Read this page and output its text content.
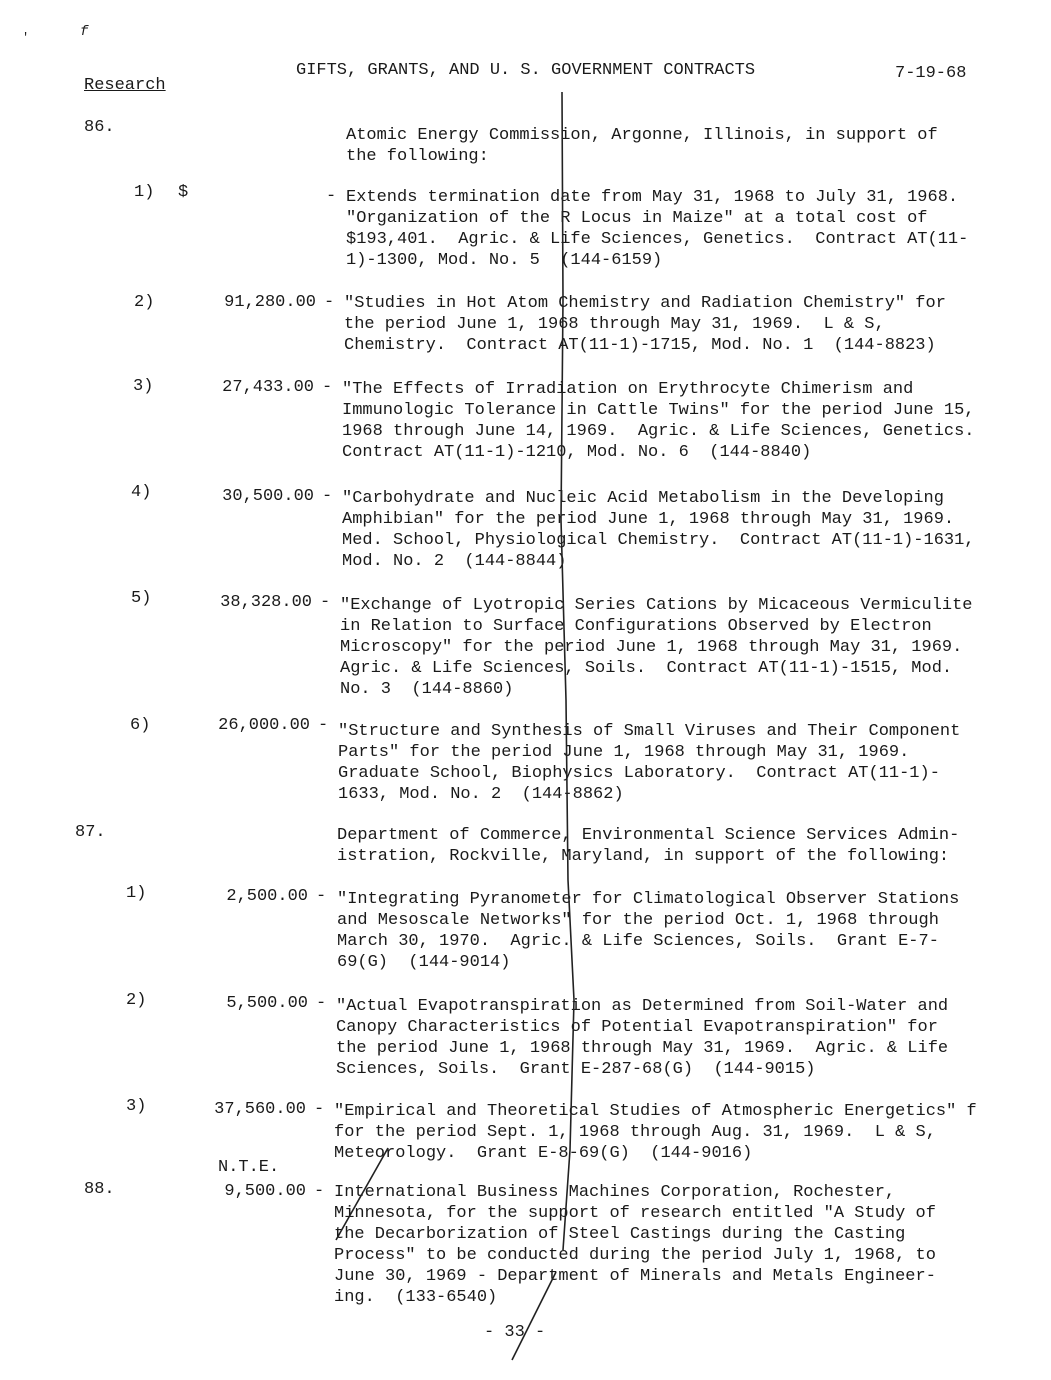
'	f
GIFTS, GRANTS, AND U. S. GOVERNMENT CONTRACTS	7-19-68
Research
86.	Atomic Energy Commission, Argonne, Illinois, in support of
the following:
1) $	- Extends termination date from May 31, 1968 to July 31, 1968.
"Organization of the R Locus in Maize" at a total cost of
$193,401.  Agric. & Life Sciences, Genetics.  Contract AT(11-
1)-1300, Mod. No. 5  (144-6159)
2)	91,280.00 - "Studies in Hot Atom Chemistry and Radiation Chemistry" for
the period June 1, 1968 through May 31, 1969.  L & S,
Chemistry.  Contract AT(11-1)-1715, Mod. No. 1  (144-8823)
3)	27,433.00 - "The Effects of Irradiation on Erythrocyte Chimerism and
Immunologic Tolerance in Cattle Twins" for the period June 15,
1968 through June 14, 1969.  Agric. & Life Sciences, Genetics.
Contract AT(11-1)-1210, Mod. No. 6  (144-8840)
4)	30,500.00 - "Carbohydrate and Nucleic Acid Metabolism in the Developing
Amphibian" for the period June 1, 1968 through May 31, 1969.
Med. School, Physiological Chemistry.  Contract AT(11-1)-1631,
Mod. No. 2  (144-8844)
5)	38,328.00 - "Exchange of Lyotropic Series Cations by Micaceous Vermiculite
in Relation to Surface Configurations Observed by Electron
Microscopy" for the period June 1, 1968 through May 31, 1969.
Agric. & Life Sciences, Soils.  Contract AT(11-1)-1515, Mod.
No. 3  (144-8860)
6)	26,000.00 - "Structure and Synthesis of Small Viruses and Their Component
Parts" for the period June 1, 1968 through May 31, 1969.
Graduate School, Biophysics Laboratory.  Contract AT(11-1)-
1633, Mod. No. 2  (144-8862)
87.	Department of Commerce, Environmental Science Services Admin-
istration, Rockville, Maryland, in support of the following:
1)	2,500.00 - "Integrating Pyranometer for Climatological Observer Stations
and Mesoscale Networks" for the period Oct. 1, 1968 through
March 30, 1970.  Agric. & Life Sciences, Soils.  Grant E-7-
69(G)  (144-9014)
2)	5,500.00 - "Actual Evapotranspiration as Determined from Soil-Water and
Canopy Characteristics of Potential Evapotranspiration" for
the period June 1, 1968 through May 31, 1969.  Agric. & Life
Sciences, Soils.  Grant E-287-68(G)  (144-9015)
3)	37,560.00 - "Empirical and Theoretical Studies of Atmospheric Energetics" f
for the period Sept. 1, 1968 through Aug. 31, 1969.  L & S,
Meteorology.  Grant E-8-69(G)  (144-9016)
N.T.E.
88.	9,500.00 - International Business Machines Corporation, Rochester,
Minnesota, for the support of research entitled "A Study of
the Decarborization of Steel Castings during the Casting
Process" to be conducted during the period July 1, 1968, to
June 30, 1969 - Department of Minerals and Metals Engineer-
ing.  (133-6540)
- 33 -
